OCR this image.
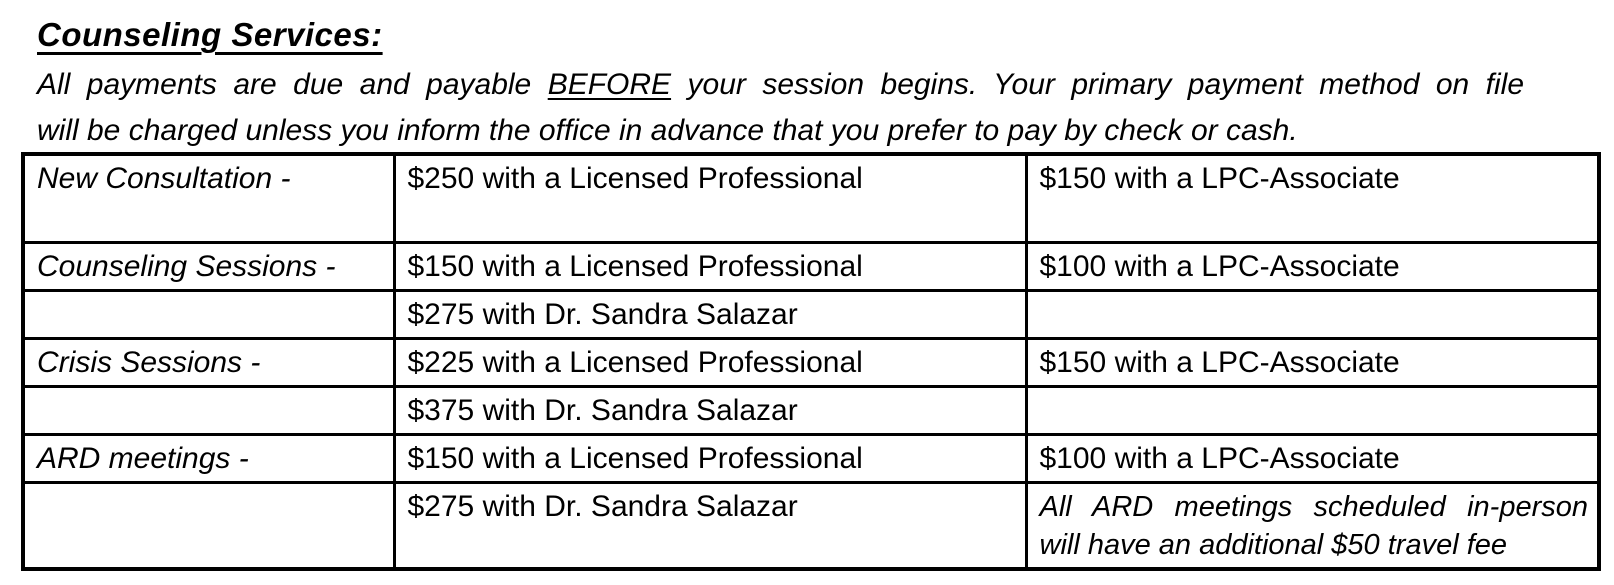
Counseling Services:
All payments are due and payable BEFORE your session begins. Your primary payment method on file
will be charged unless you inform the office in advance that you prefer to pay by check or cash.
New Consultation -	$250 with a Licensed Professional	$150 with a LPC-Associate
Counseling Sessions -	$150 with a Licensed Professional	$100 with a LPC-Associate
	$275 with Dr. Sandra Salazar	
Crisis Sessions -	$225 with a Licensed Professional	$150 with a LPC-Associate
	$375 with Dr. Sandra Salazar	
ARD meetings -	$150 with a Licensed Professional	$100 with a LPC-Associate
	$275 with Dr. Sandra Salazar	All ARD meetings scheduled in-person
will have an additional $50 travel fee
